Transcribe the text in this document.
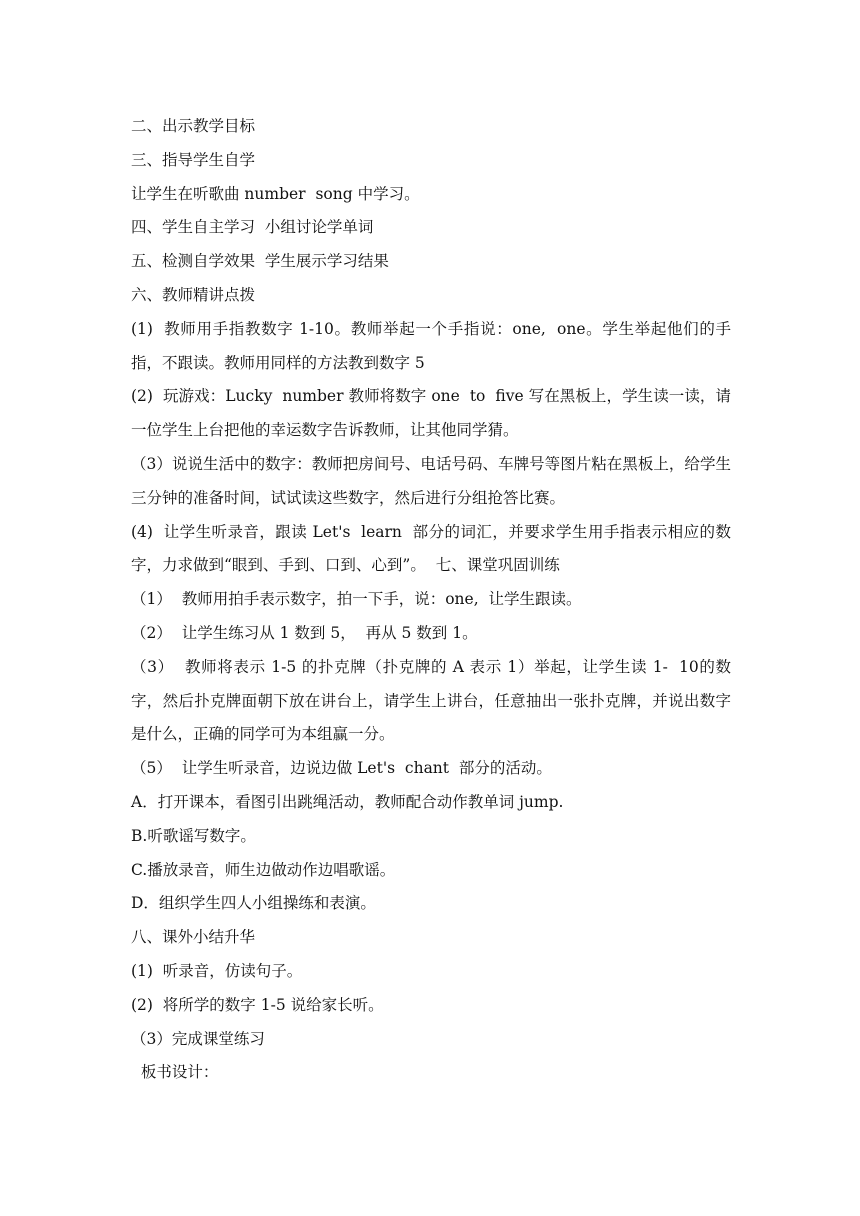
二、出示教学目标

三、指导学生自学

让学生在听歌曲 number  song 中学习。

四、学生自主学习  小组讨论学单词

五、检测自学效果  学生展示学习结果

六、教师精讲点拨

(1)  教师用手指教数字 1-10。教师举起一个手指说：one,  one。学生举起他们的手指，不跟读。教师用同样的方法教到数字 5

(2)  玩游戏：Lucky  number 教师将数字 one  to  five 写在黑板上，学生读一读，请一位学生上台把他的幸运数字告诉教师，让其他同学猜。

（3）说说生活中的数字：教师把房间号、电话号码、车牌号等图片粘在黑板上，给学生三分钟的准备时间，试试读这些数字，然后进行分组抢答比赛。

(4)  让学生听录音，跟读 Let's  learn  部分的词汇，并要求学生用手指表示相应的数字，力求做到“眼到、手到、口到、心到”。  七、课堂巩固训练

（1）  教师用拍手表示数字，拍一下手，说：one,  让学生跟读。

（2）  让学生练习从 1 数到 5，  再从 5 数到 1。

（3）  教师将表示 1-5 的扑克牌（扑克牌的 A 表示 1）举起，让学生读 1-  10的数字，然后扑克牌面朝下放在讲台上，请学生上讲台，任意抽出一张扑克牌，并说出数字是什么，正确的同学可为本组赢一分。

（5）  让学生听录音，边说边做 Let's  chant  部分的活动。

A．打开课本，看图引出跳绳活动，教师配合动作教单词 jump.

B.听歌谣写数字。

C.播放录音，师生边做动作边唱歌谣。

D．组织学生四人小组操练和表演。

八、课外小结升华

(1)  听录音，仿读句子。

(2)  将所学的数字 1-5 说给家长听。

（3）完成课堂练习

板书设计：
